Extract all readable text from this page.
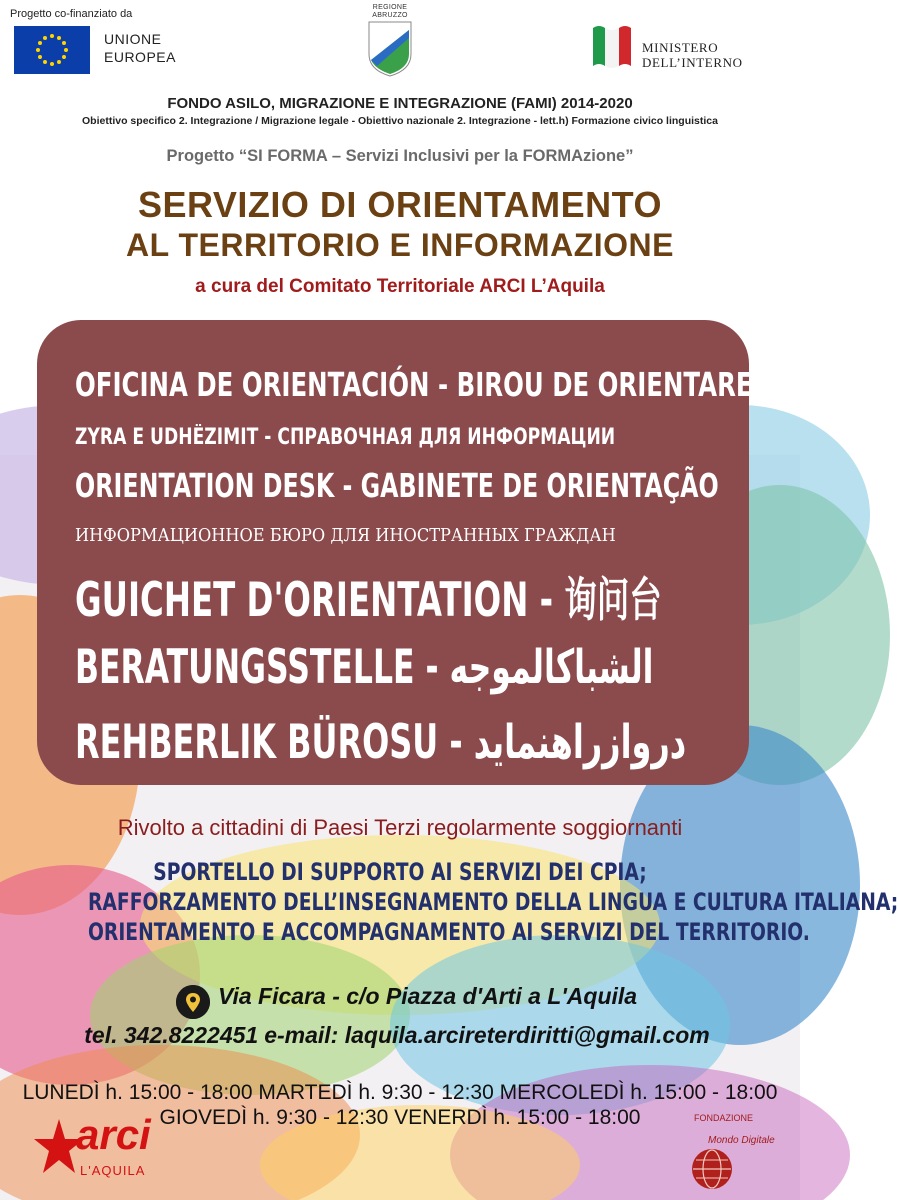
Progetto co-finanziato da
UNIONE
EUROPEA
REGIONE
ABRUZZO
MINISTERO
DELL’INTERNO
FONDO ASILO, MIGRAZIONE E INTEGRAZIONE (FAMI) 2014-2020
Obiettivo specifico 2. Integrazione / Migrazione legale - Obiettivo nazionale 2. Integrazione - lett.h) Formazione civico linguistica
Progetto “SI FORMA – Servizi Inclusivi per la FORMAzione”
SERVIZIO DI ORIENTAMENTO
AL TERRITORIO E INFORMAZIONE
a cura del Comitato Territoriale ARCI L’Aquila
OFICINA DE ORIENTACIÓN - BIROU DE ORIENTARE
ZYRA E UDHËZIMIT - СПРАВОЧНАЯ ДЛЯ ИНФОРМАЦИИ
ORIENTATION DESK - GABINETE DE ORIENTAÇÃO
ИНФОРМАЦИОННОЕ БЮРО ДЛЯ ИНОСТРАННЫХ ГРАЖДАН
GUICHET D'ORIENTATION - 询问台
BERATUNGSSTELLE - الشباكالموجه
REHBERLIK BÜROSU - دروازراهنمايد
Rivolto a cittadini di Paesi Terzi regolarmente soggiornanti
SPORTELLO DI SUPPORTO AI SERVIZI DEI CPIA;
RAFFORZAMENTO DELL’INSEGNAMENTO DELLA LINGUA E CULTURA ITALIANA;
ORIENTAMENTO E ACCOMPAGNAMENTO AI SERVIZI DEL TERRITORIO.
Via Ficara - c/o Piazza d'Arti a L'Aquila
tel. 342.8222451 e-mail: laquila.arcireterdiritti@gmail.com
LUNEDÌ h. 15:00 - 18:00 MARTEDÌ h. 9:30 - 12:30 MERCOLEDÌ h. 15:00 - 18:00
GIOVEDÌ h. 9:30 - 12:30 VENERDÌ h. 15:00 - 18:00
arci
L'AQUILA
FONDAZIONE
Mondo Digitale
